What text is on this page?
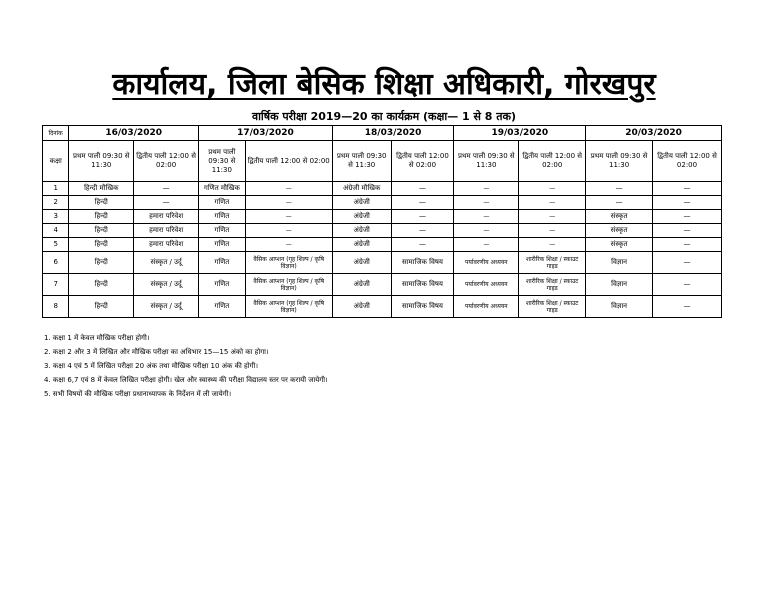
कार्यालय, जिला बेसिक शिक्षा अधिकारी, गोरखपुर
वार्षिक परीक्षा 2019—20 का कार्यक्रम (कक्षा— 1 से 8 तक)
दिनांक	16/03/2020		17/03/2020		18/03/2020		19/03/2020		20/03/2020	
कक्षा	प्रथम पाली 09:30 से 11:30	द्वितीय पाली 12:00 से 02:00	प्रथम पाली 09:30 से 11:30	द्वितीय पाली 12:00 से 02:00	प्रथम पाली 09:30 से 11:30	द्वितीय पाली 12:00 से 02:00	प्रथम पाली 09:30 से 11:30	द्वितीय पाली 12:00 से 02:00	प्रथम पाली 09:30 से 11:30	द्वितीय पाली 12:00 से 02:00
1	हिन्दी मौखिक	—	गणित मौखिक	—	अंग्रेजी मौखिक	—	—	—	—	—
2	हिन्दी	—	गणित	—	अंग्रेजी	—	—	—	—	—
3	हिन्दी	हमारा परिवेश	गणित	—	अंग्रेजी	—	—	—	संस्कृत	—
4	हिन्दी	हमारा परिवेश	गणित	—	अंग्रेजी	—	—	—	संस्कृत	—
5	हिन्दी	हमारा परिवेश	गणित	—	अंग्रेजी	—	—	—	संस्कृत	—
6	हिन्दी	संस्कृत / उर्दू	गणित	वैसिक आप्शन (गृह शिल्प / कृषि विज्ञान)	अंग्रेजी	सामाजिक विषय	पर्यावरणीय अध्ययन	शारीरिक शिक्षा / स्काउट गाइड	विज्ञान	—
7	हिन्दी	संस्कृत / उर्दू	गणित	वैसिक आप्शन (गृह शिल्प / कृषि विज्ञान)	अंग्रेजी	सामाजिक विषय	पर्यावरणीय अध्ययन	शारीरिक शिक्षा / स्काउट गाइड	विज्ञान	—
8	हिन्दी	संस्कृत / उर्दू	गणित	वैसिक आप्शन (गृह शिल्प / कृषि विज्ञान)	अंग्रेजी	सामाजिक विषय	पर्यावरणीय अध्ययन	शारीरिक शिक्षा / स्काउट गाइड	विज्ञान	—
1. कक्षा 1 में केवल मौखिक परीक्षा होगी।
2. कक्षा 2 और 3 में लिखित और मौखिक परीक्षा का अधिभार 15—15 अंको का होगा।
3. कक्षा 4 एवं 5 में लिखित परीक्षा 20 अंक तथा मौखिक परीक्षा 10 अंक की होगी।
4. कक्षा 6,7 एवं 8 में केवल लिखित परीक्षा होगी। खेल और स्वास्थ्य की परीक्षा विद्यालय स्तर पर करायी जायेगी।
5. सभी विषयों की मौखिक परीक्षा प्रधानाध्यापक के निर्देशन में ली जायेगी।
